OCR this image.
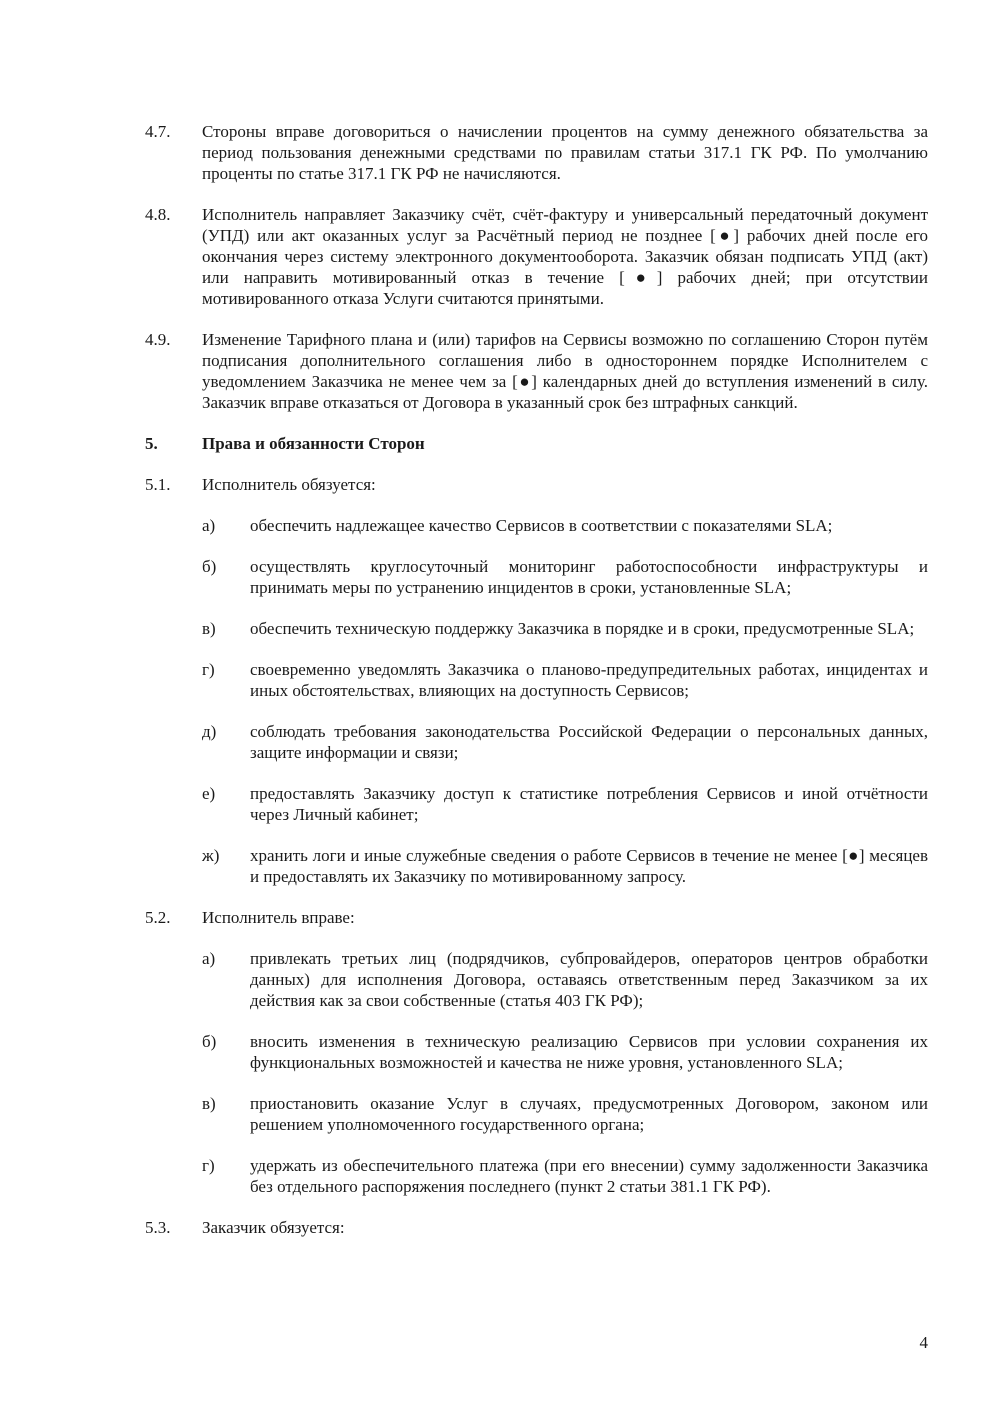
4.7. Стороны вправе договориться о начислении процентов на сумму денежного обязательства за период пользования денежными средствами по правилам статьи 317.1 ГК РФ. По умолчанию проценты по статье 317.1 ГК РФ не начисляются.
4.8. Исполнитель направляет Заказчику счёт, счёт-фактуру и универсальный передаточный документ (УПД) или акт оказанных услуг за Расчётный период не позднее [●] рабочих дней после его окончания через систему электронного документооборота. Заказчик обязан подписать УПД (акт) или направить мотивированный отказ в течение [●] рабочих дней; при отсутствии мотивированного отказа Услуги считаются принятыми.
4.9. Изменение Тарифного плана и (или) тарифов на Сервисы возможно по соглашению Сторон путём подписания дополнительного соглашения либо в одностороннем порядке Исполнителем с уведомлением Заказчика не менее чем за [●] календарных дней до вступления изменений в силу. Заказчик вправе отказаться от Договора в указанный срок без штрафных санкций.
5.	Права и обязанности Сторон
5.1. Исполнитель обязуется:
а) обеспечить надлежащее качество Сервисов в соответствии с показателями SLA;
б) осуществлять круглосуточный мониторинг работоспособности инфраструктуры и принимать меры по устранению инцидентов в сроки, установленные SLA;
в) обеспечить техническую поддержку Заказчика в порядке и в сроки, предусмотренные SLA;
г) своевременно уведомлять Заказчика о планово-предупредительных работах, инцидентах и иных обстоятельствах, влияющих на доступность Сервисов;
д) соблюдать требования законодательства Российской Федерации о персональных данных, защите информации и связи;
е) предоставлять Заказчику доступ к статистике потребления Сервисов и иной отчётности через Личный кабинет;
ж) хранить логи и иные служебные сведения о работе Сервисов в течение не менее [●] месяцев и предоставлять их Заказчику по мотивированному запросу.
5.2. Исполнитель вправе:
а) привлекать третьих лиц (подрядчиков, субпровайдеров, операторов центров обработки данных) для исполнения Договора, оставаясь ответственным перед Заказчиком за их действия как за свои собственные (статья 403 ГК РФ);
б) вносить изменения в техническую реализацию Сервисов при условии сохранения их функциональных возможностей и качества не ниже уровня, установленного SLA;
в) приостановить оказание Услуг в случаях, предусмотренных Договором, законом или решением уполномоченного государственного органа;
г) удержать из обеспечительного платежа (при его внесении) сумму задолженности Заказчика без отдельного распоряжения последнего (пункт 2 статьи 381.1 ГК РФ).
5.3. Заказчик обязуется:
4
